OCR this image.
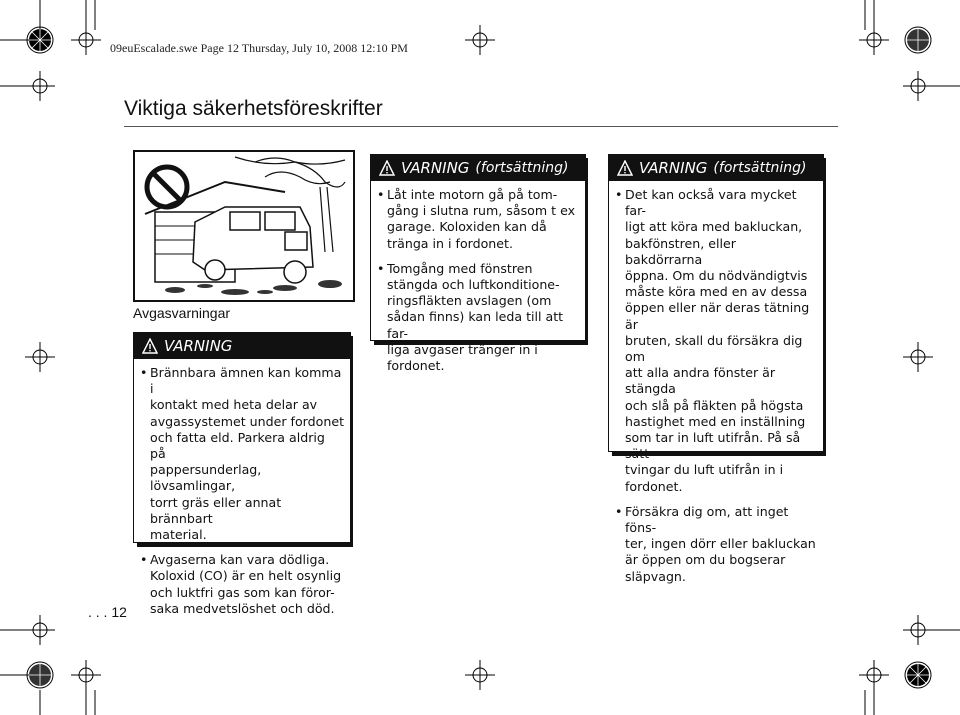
09euEscalade.swe Page 12 Thursday, July 10, 2008 12:10 PM
Viktiga säkerhetsföreskrifter
Avgasvarningar
VARNING
• Brännbara ämnen kan komma i
kontakt med heta delar av
avgassystemet under fordonet
och fatta eld. Parkera aldrig på
pappersunderlag, lövsamlingar,
torrt gräs eller annat brännbart
material.
• Avgaserna kan vara dödliga.
Koloxid (CO) är en helt osynlig
och luktfri gas som kan föror-
saka medvetslöshet och död.
VARNING (fortsättning)
• Låt inte motorn gå på tom-
gång i slutna rum, såsom t ex
garage. Koloxiden kan då
tränga in i fordonet.
• Tomgång med fönstren
stängda och luftkonditione-
ringsfläkten avslagen (om
sådan finns) kan leda till att far-
liga avgaser tränger in i
fordonet.
VARNING (fortsättning)
• Det kan också vara mycket far-
ligt att köra med bakluckan,
bakfönstren, eller bakdörrarna
öppna. Om du nödvändigtvis
måste köra med en av dessa
öppen eller när deras tätning är
bruten, skall du försäkra dig om
att alla andra fönster är stängda
och slå på fläkten på högsta
hastighet med en inställning
som tar in luft utifrån. På så sätt
tvingar du luft utifrån in i
fordonet.
• Försäkra dig om, att inget föns-
ter, ingen dörr eller bakluckan
är öppen om du bogserar
släpvagn.
. . . 12
